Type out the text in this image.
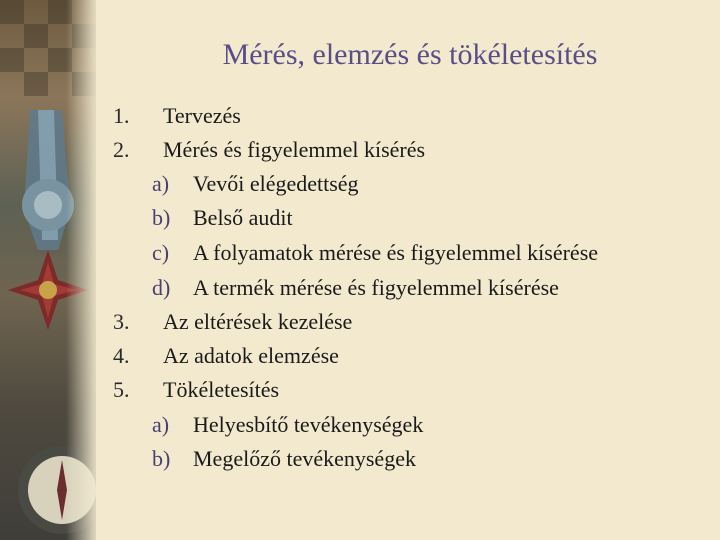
Mérés, elemzés és tökéletesítés
1.	Tervezés
2.	Mérés és figyelemmel kísérés
a)	Vevői elégedettség
b)	Belső audit
c)	A folyamatok mérése és figyelemmel kísérése
d)	A termék mérése és figyelemmel kísérése
3.	Az eltérések kezelése
4.	Az adatok elemzése
5.	Tökéletesítés
a)	Helyesbítő tevékenységek
b)	Megelőző tevékenységek
